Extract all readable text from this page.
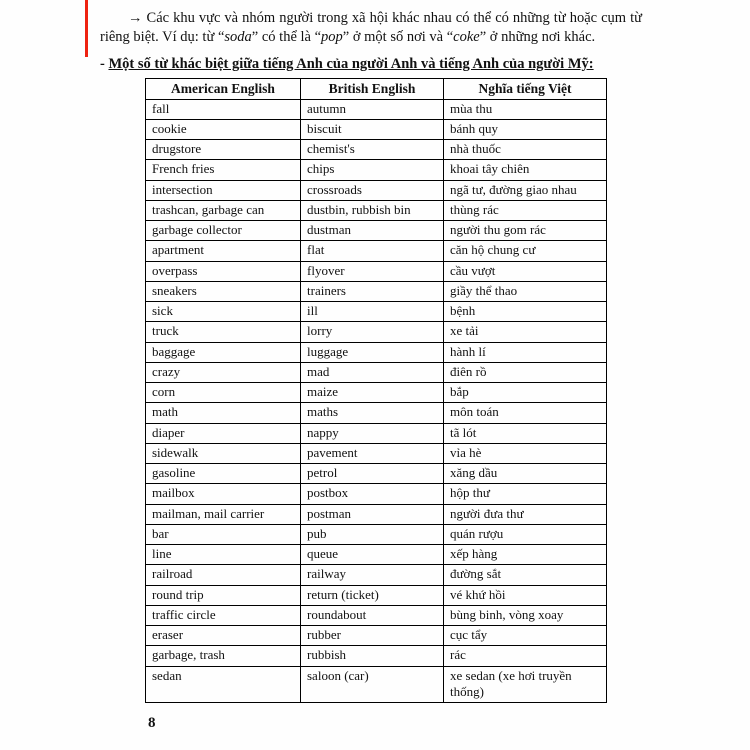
→ Các khu vực và nhóm người trong xã hội khác nhau có thể có những từ hoặc cụm từ riêng biệt. Ví dụ: từ “soda” có thể là “pop” ở một số nơi và “coke” ở những nơi khác.

- Một số từ khác biệt giữa tiếng Anh của người Anh và tiếng Anh của người Mỹ:

American English	British English	Nghĩa tiếng Việt
fall	autumn	mùa thu
cookie	biscuit	bánh quy
drugstore	chemist's	nhà thuốc
French fries	chips	khoai tây chiên
intersection	crossroads	ngã tư, đường giao nhau
trashcan, garbage can	dustbin, rubbish bin	thùng rác
garbage collector	dustman	người thu gom rác
apartment	flat	căn hộ chung cư
overpass	flyover	cầu vượt
sneakers	trainers	giầy thể thao
sick	ill	bệnh
truck	lorry	xe tải
baggage	luggage	hành lí
crazy	mad	điên rồ
corn	maize	bắp
math	maths	môn toán
diaper	nappy	tã lót
sidewalk	pavement	vỉa hè
gasoline	petrol	xăng dầu
mailbox	postbox	hộp thư
mailman, mail carrier	postman	người đưa thư
bar	pub	quán rượu
line	queue	xếp hàng
railroad	railway	đường sắt
round trip	return (ticket)	vé khứ hồi
traffic circle	roundabout	bùng binh, vòng xoay
eraser	rubber	cục tẩy
garbage, trash	rubbish	rác
sedan	saloon (car)	xe sedan (xe hơi truyền thống)
8
